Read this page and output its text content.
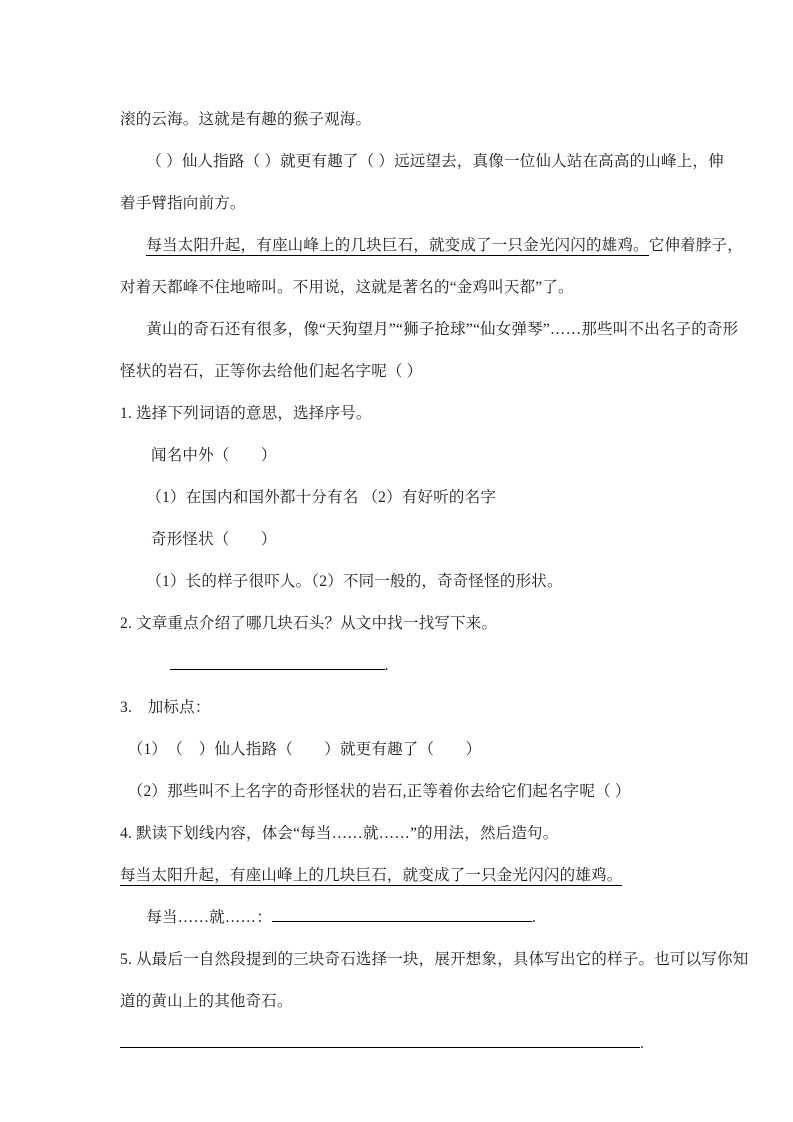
滚的云海。这就是有趣的猴子观海。
（ ）仙人指路（ ）就更有趣了（ ）远远望去，真像一位仙人站在高高的山峰上，伸
着手臂指向前方。
每当太阳升起，有座山峰上的几块巨石，就变成了一只金光闪闪的雄鸡。它伸着脖子，
对着天都峰不住地啼叫。不用说，这就是著名的“金鸡叫天都”了。
黄山的奇石还有很多，像“天狗望月”“狮子抢球”“仙女弹琴”……那些叫不出名子的奇形
怪状的岩石，正等你去给他们起名字呢（ ）
1. 选择下列词语的意思，选择序号。
闻名中外（　　）
（1）在国内和国外都十分有名 （2）有好听的名字
奇形怪状（　　）
（1）长的样子很吓人。（2）不同一般的，奇奇怪怪的形状。
2. 文章重点介绍了哪几块石头？从文中找一找写下来。
.
3.　加标点：
（1）　（　）仙人指路（　　）就更有趣了（　　）
（2）那些叫不上名字的奇形怪状的岩石,正等着你去给它们起名字呢（ ）
4. 默读下划线内容，体会“每当……就……”的用法，然后造句。
每当太阳升起，有座山峰上的几块巨石，就变成了一只金光闪闪的雄鸡。
每当……就……：	.
5. 从最后一自然段提到的三块奇石选择一块，展开想象，具体写出它的样子。也可以写你知
道的黄山上的其他奇石。
.
